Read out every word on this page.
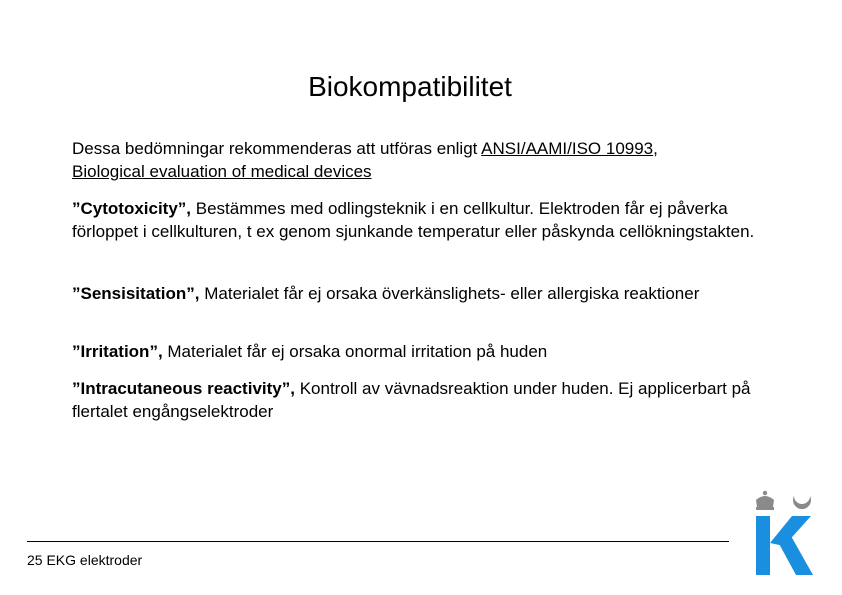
Biokompatibilitet
Dessa bedömningar rekommenderas att utföras enligt ANSI/AAMI/ISO 10993,
Biological evaluation of medical devices
”Cytotoxicity”, Bestämmes med odlingsteknik i en cellkultur. Elektroden får ej påverka förloppet i cellkulturen, t ex genom sjunkande temperatur eller påskynda cellökningstakten.
”Sensisitation”, Materialet får ej orsaka överkänslighets- eller allergiska reaktioner
”Irritation”, Materialet får ej orsaka onormal irritation på huden
”Intracutaneous reactivity”, Kontroll av vävnadsreaktion under huden. Ej applicerbart på flertalet engångselektroder
25 EKG elektroder
